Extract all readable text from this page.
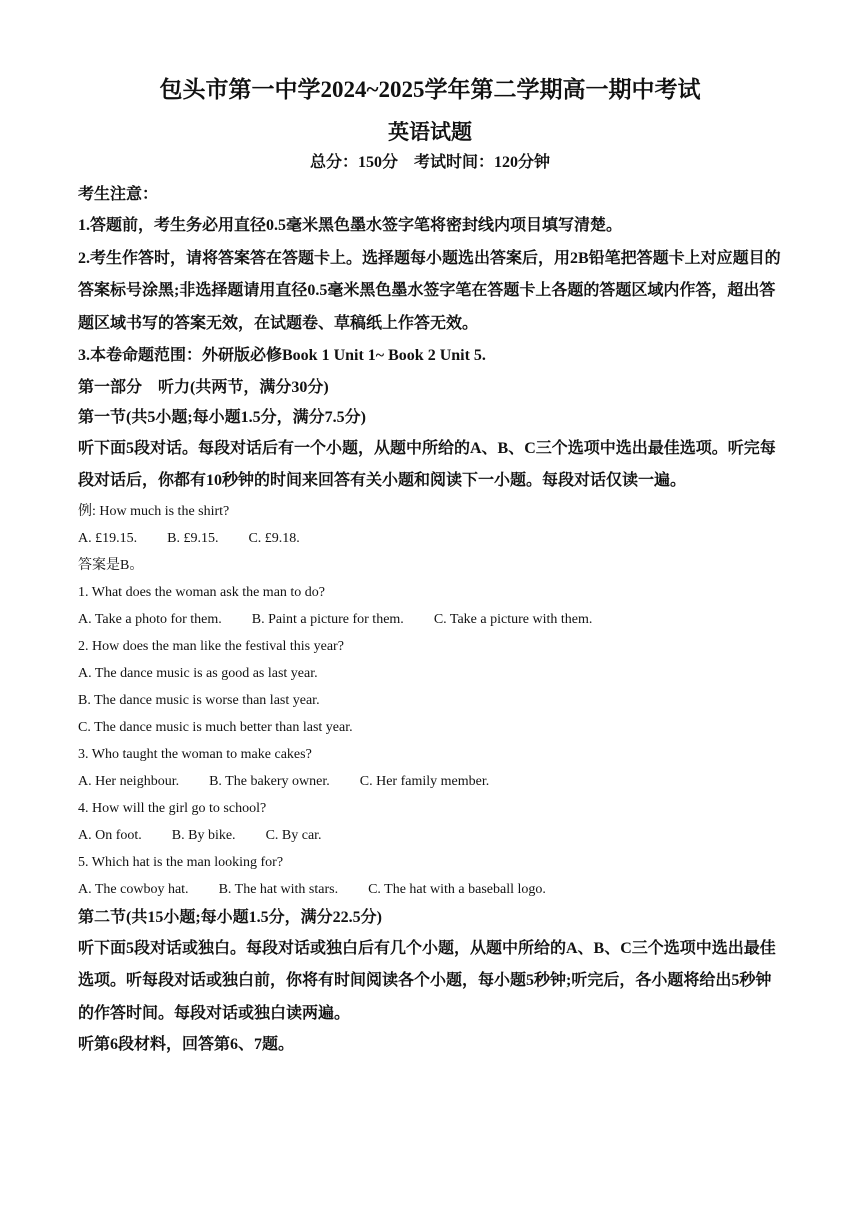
包头市第一中学2024~2025学年第二学期高一期中考试
英语试题
总分：150分　考试时间：120分钟
考生注意：
1.答题前，考生务必用直径0.5毫米黑色墨水签字笔将密封线内项目填写清楚。
2.考生作答时，请将答案答在答题卡上。选择题每小题选出答案后，用2B铅笔把答题卡上对应题目的答案标号涂黑;非选择题请用直径0.5毫米黑色墨水签字笔在答题卡上各题的答题区域内作答，超出答题区域书写的答案无效，在试题卷、草稿纸上作答无效。
3.本卷命题范围：外研版必修Book 1 Unit 1~ Book 2 Unit 5.
第一部分　听力(共两节，满分30分)
第一节(共5小题;每小题1.5分，满分7.5分)
听下面5段对话。每段对话后有一个小题，从题中所给的A、B、C三个选项中选出最佳选项。听完每段对话后，你都有10秒钟的时间来回答有关小题和阅读下一小题。每段对话仅读一遍。
例: How much is the shirt?
A. £19.15. B. £9.15. C. £9.18.
答案是B。
1. What does the woman ask the man to do?
A. Take a photo for them. B. Paint a picture for them. C. Take a picture with them.
2. How does the man like the festival this year?
A. The dance music is as good as last year.
B. The dance music is worse than last year.
C. The dance music is much better than last year.
3. Who taught the woman to make cakes?
A. Her neighbour. B. The bakery owner. C. Her family member.
4. How will the girl go to school?
A. On foot. B. By bike. C. By car.
5. Which hat is the man looking for?
A. The cowboy hat. B. The hat with stars. C. The hat with a baseball logo.
第二节(共15小题;每小题1.5分，满分22.5分)
听下面5段对话或独白。每段对话或独白后有几个小题，从题中所给的A、B、C三个选项中选出最佳选项。听每段对话或独白前，你将有时间阅读各个小题，每小题5秒钟;听完后，各小题将给出5秒钟的作答时间。每段对话或独白读两遍。
听第6段材料，回答第6、7题。
